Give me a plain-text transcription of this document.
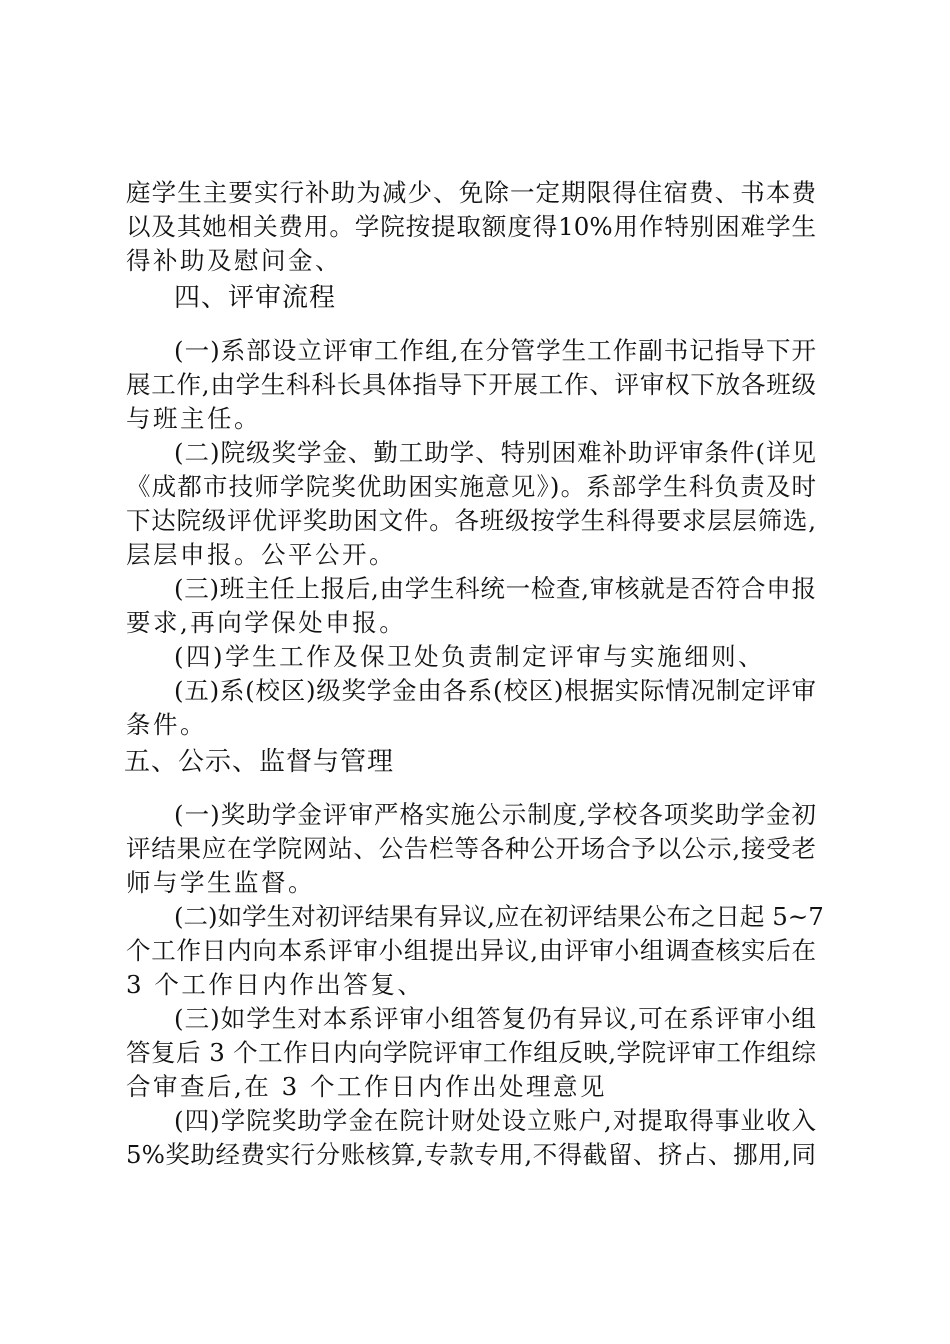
庭学生主要实行补助为减少、免除一定期限得住宿费、书本费
以及其她相关费用。学院按提取额度得10%用作特别困难学生
得补助及慰问金、
四、评审流程
(一)系部设立评审工作组,在分管学生工作副书记指导下开
展工作,由学生科科长具体指导下开展工作、评审权下放各班级
与班主任。
(二)院级奖学金、勤工助学、特别困难补助评审条件(详见
《成都市技师学院奖优助困实施意见》)。系部学生科负责及时
下达院级评优评奖助困文件。各班级按学生科得要求层层筛选,
层层申报。公平公开。
(三)班主任上报后,由学生科统一检查,审核就是否符合申报
要求,再向学保处申报。
(四)学生工作及保卫处负责制定评审与实施细则、
(五)系(校区)级奖学金由各系(校区)根据实际情况制定评审
条件。
五、公示、监督与管理
(一)奖助学金评审严格实施公示制度,学校各项奖助学金初
评结果应在学院网站、公告栏等各种公开场合予以公示,接受老
师与学生监督。
(二)如学生对初评结果有异议,应在初评结果公布之日起 5~7
个工作日内向本系评审小组提出异议,由评审小组调查核实后在
3 个工作日内作出答复、
(三)如学生对本系评审小组答复仍有异议,可在系评审小组
答复后 3 个工作日内向学院评审工作组反映,学院评审工作组综
合审查后,在 3 个工作日内作出处理意见
(四)学院奖助学金在院计财处设立账户,对提取得事业收入
5%奖助经费实行分账核算,专款专用,不得截留、挤占、挪用,同
